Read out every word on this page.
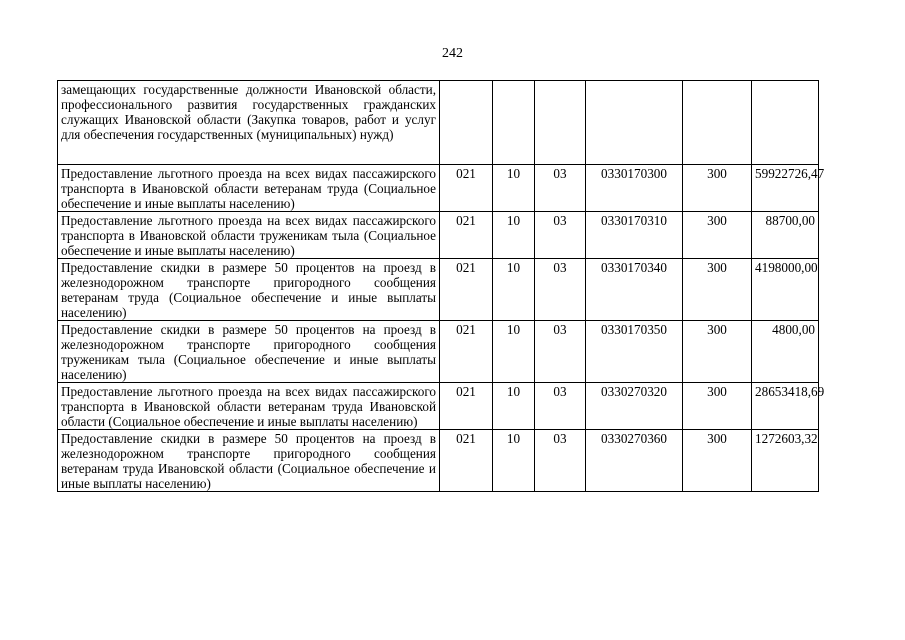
242
замещающих государственные должности Ивановской области, профессионального развития государственных гражданских служащих Ивановской области (Закупка товаров, работ и услуг для обеспечения государственных (муниципальных) нужд)						
Предоставление льготного проезда на всех видах пассажирского транспорта в Ивановской области ветеранам труда (Социальное обеспечение и иные выплаты населению)	021	10	03	0330170300	300	59922726,47
Предоставление льготного проезда на всех видах пассажирского транспорта в Ивановской области труженикам тыла (Социальное обеспечение и иные выплаты населению)	021	10	03	0330170310	300	88700,00
Предоставление скидки в размере 50 процентов на проезд в железнодорожном транспорте пригородного сообщения ветеранам труда (Социальное обеспечение и иные выплаты населению)	021	10	03	0330170340	300	4198000,00
Предоставление скидки в размере 50 процентов на проезд в железнодорожном транспорте пригородного сообщения труженикам тыла (Социальное обеспечение и иные выплаты населению)	021	10	03	0330170350	300	4800,00
Предоставление льготного проезда на всех видах пассажирского транспорта в Ивановской области ветеранам труда Ивановской области (Социальное обеспечение и иные выплаты населению)	021	10	03	0330270320	300	28653418,69
Предоставление скидки в размере 50 процентов на проезд в железнодорожном транспорте пригородного сообщения ветеранам труда Ивановской области (Социальное обеспечение и иные выплаты населению)	021	10	03	0330270360	300	1272603,32
